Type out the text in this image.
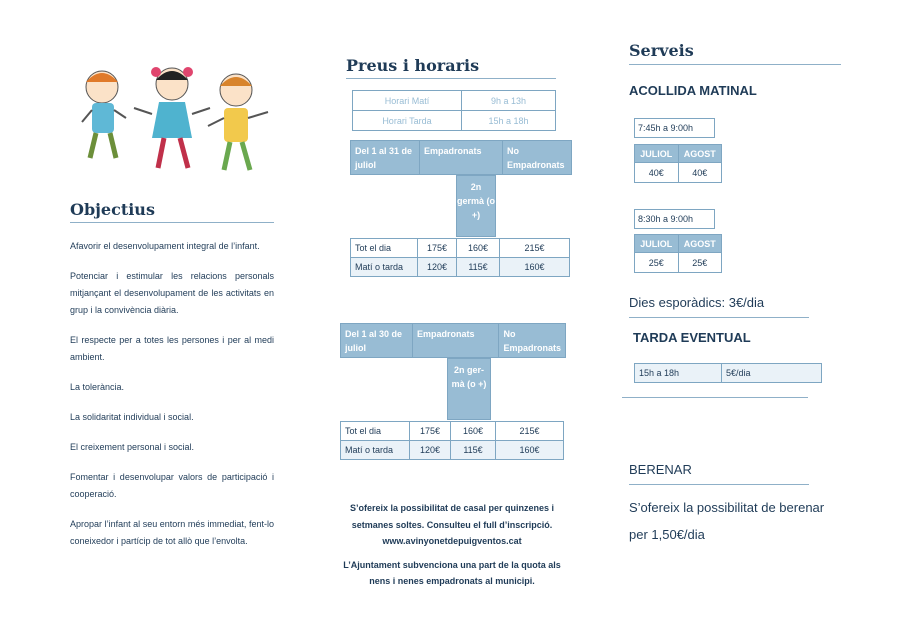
Objectius

Afavorir el desenvolupament integral de l’infant.

Potenciar i estimular les relacions personals mitjançant el desenvolupament de les activitats en grup i la convivència diària.

El respecte per a totes les persones i per al medi ambient.

La tolerància.

La solidaritat individual i social.

El creixement personal i social.

Fomentar i desenvolupar valors de participació i cooperació.

Apropar l’infant al seu entorn més immediat, fent-lo coneixedor i partícip de tot allò que l’envolta.

Preus i horaris
Horari Matí	9h a 13h
Horari Tarda	15h a 18h
Del 1 al 31 de juliol	Empadronats	No Empadronats
2n germà (o +)
Tot el dia	175€	160€	215€
Matí o tarda	120€	115€	160€
Del 1 al 30 de juliol	Empadronats	No Empadronats
2n ger-mà (o +)
Tot el dia	175€	160€	215€
Matí o tarda	120€	115€	160€
S’ofereix la possibilitat de casal per quinzenes i setmanes soltes. Consulteu el full d’inscripció.
www.avinyonetdepuigventos.cat
L’Ajuntament subvenciona una part de la quota als nens i nenes empadronats al municipi.
Serveis
ACOLLIDA MATINAL
7:45h a 9:00h
JULIOL	AGOST
40€	40€
8:30h a 9:00h
JULIOL	AGOST
25€	25€
Dies esporàdics: 3€/dia
TARDA EVENTUAL
15h a 18h	5€/dia
BERENAR
S’ofereix la possibilitat de berenar per 1,50€/dia
